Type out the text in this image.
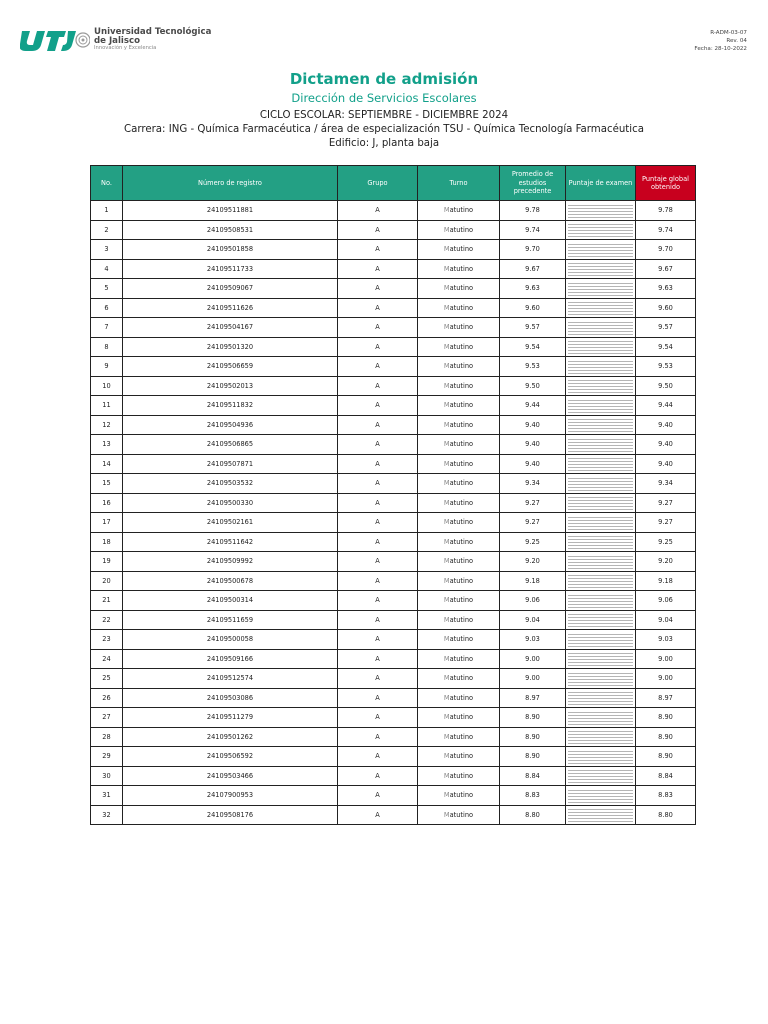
Universidad Tecnológica
de Jalisco
Innovación y Excelencia
R-ADM-03-07
Rev. 04
Fecha: 28-10-2022
Dictamen de admisión
Dirección de Servicios Escolares
CICLO ESCOLAR: SEPTIEMBRE - DICIEMBRE 2024
Carrera: ING - Química Farmacéutica / área de especialización TSU - Química Tecnología Farmacéutica
Edificio: J, planta baja
No.	Número de registro	Grupo	Turno	Promedio de estudios precedente	Puntaje de examen	Puntaje global obtenido
1	24109511881	A	Matutino	9.78		9.78
2	24109508531	A	Matutino	9.74		9.74
3	24109501858	A	Matutino	9.70		9.70
4	24109511733	A	Matutino	9.67		9.67
5	24109509067	A	Matutino	9.63		9.63
6	24109511626	A	Matutino	9.60		9.60
7	24109504167	A	Matutino	9.57		9.57
8	24109501320	A	Matutino	9.54		9.54
9	24109506659	A	Matutino	9.53		9.53
10	24109502013	A	Matutino	9.50		9.50
11	24109511832	A	Matutino	9.44		9.44
12	24109504936	A	Matutino	9.40		9.40
13	24109506865	A	Matutino	9.40		9.40
14	24109507871	A	Matutino	9.40		9.40
15	24109503532	A	Matutino	9.34		9.34
16	24109500330	A	Matutino	9.27		9.27
17	24109502161	A	Matutino	9.27		9.27
18	24109511642	A	Matutino	9.25		9.25
19	24109509992	A	Matutino	9.20		9.20
20	24109500678	A	Matutino	9.18		9.18
21	24109500314	A	Matutino	9.06		9.06
22	24109511659	A	Matutino	9.04		9.04
23	24109500058	A	Matutino	9.03		9.03
24	24109509166	A	Matutino	9.00		9.00
25	24109512574	A	Matutino	9.00		9.00
26	24109503086	A	Matutino	8.97		8.97
27	24109511279	A	Matutino	8.90		8.90
28	24109501262	A	Matutino	8.90		8.90
29	24109506592	A	Matutino	8.90		8.90
30	24109503466	A	Matutino	8.84		8.84
31	24107900953	A	Matutino	8.83		8.83
32	24109508176	A	Matutino	8.80		8.80
